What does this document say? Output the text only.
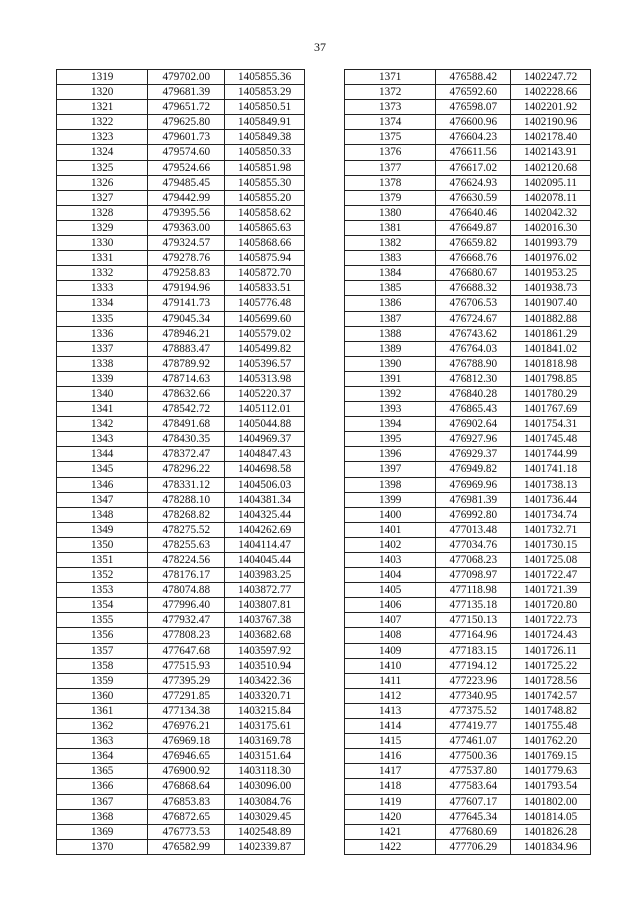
37
1319	479702.00	1405855.36
1320	479681.39	1405853.29
1321	479651.72	1405850.51
1322	479625.80	1405849.91
1323	479601.73	1405849.38
1324	479574.60	1405850.33
1325	479524.66	1405851.98
1326	479485.45	1405855.30
1327	479442.99	1405855.20
1328	479395.56	1405858.62
1329	479363.00	1405865.63
1330	479324.57	1405868.66
1331	479278.76	1405875.94
1332	479258.83	1405872.70
1333	479194.96	1405833.51
1334	479141.73	1405776.48
1335	479045.34	1405699.60
1336	478946.21	1405579.02
1337	478883.47	1405499.82
1338	478789.92	1405396.57
1339	478714.63	1405313.98
1340	478632.66	1405220.37
1341	478542.72	1405112.01
1342	478491.68	1405044.88
1343	478430.35	1404969.37
1344	478372.47	1404847.43
1345	478296.22	1404698.58
1346	478331.12	1404506.03
1347	478288.10	1404381.34
1348	478268.82	1404325.44
1349	478275.52	1404262.69
1350	478255.63	1404114.47
1351	478224.56	1404045.44
1352	478176.17	1403983.25
1353	478074.88	1403872.77
1354	477996.40	1403807.81
1355	477932.47	1403767.38
1356	477808.23	1403682.68
1357	477647.68	1403597.92
1358	477515.93	1403510.94
1359	477395.29	1403422.36
1360	477291.85	1403320.71
1361	477134.38	1403215.84
1362	476976.21	1403175.61
1363	476969.18	1403169.78
1364	476946.65	1403151.64
1365	476900.92	1403118.30
1366	476868.64	1403096.00
1367	476853.83	1403084.76
1368	476872.65	1403029.45
1369	476773.53	1402548.89
1370	476582.99	1402339.87
1371	476588.42	1402247.72
1372	476592.60	1402228.66
1373	476598.07	1402201.92
1374	476600.96	1402190.96
1375	476604.23	1402178.40
1376	476611.56	1402143.91
1377	476617.02	1402120.68
1378	476624.93	1402095.11
1379	476630.59	1402078.11
1380	476640.46	1402042.32
1381	476649.87	1402016.30
1382	476659.82	1401993.79
1383	476668.76	1401976.02
1384	476680.67	1401953.25
1385	476688.32	1401938.73
1386	476706.53	1401907.40
1387	476724.67	1401882.88
1388	476743.62	1401861.29
1389	476764.03	1401841.02
1390	476788.90	1401818.98
1391	476812.30	1401798.85
1392	476840.28	1401780.29
1393	476865.43	1401767.69
1394	476902.64	1401754.31
1395	476927.96	1401745.48
1396	476929.37	1401744.99
1397	476949.82	1401741.18
1398	476969.96	1401738.13
1399	476981.39	1401736.44
1400	476992.80	1401734.74
1401	477013.48	1401732.71
1402	477034.76	1401730.15
1403	477068.23	1401725.08
1404	477098.97	1401722.47
1405	477118.98	1401721.39
1406	477135.18	1401720.80
1407	477150.13	1401722.73
1408	477164.96	1401724.43
1409	477183.15	1401726.11
1410	477194.12	1401725.22
1411	477223.96	1401728.56
1412	477340.95	1401742.57
1413	477375.52	1401748.82
1414	477419.77	1401755.48
1415	477461.07	1401762.20
1416	477500.36	1401769.15
1417	477537.80	1401779.63
1418	477583.64	1401793.54
1419	477607.17	1401802.00
1420	477645.34	1401814.05
1421	477680.69	1401826.28
1422	477706.29	1401834.96
